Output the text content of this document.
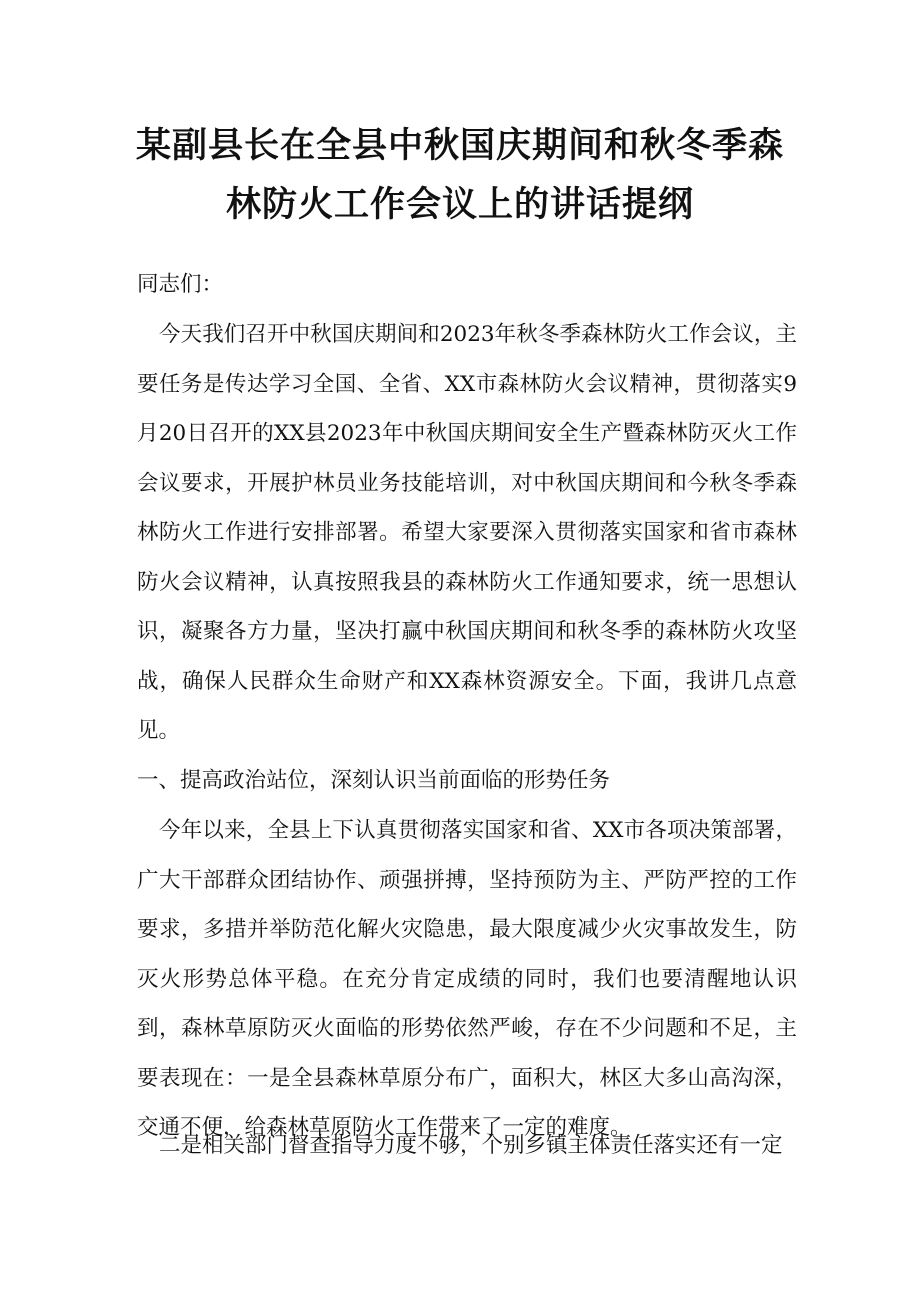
某副县长在全县中秋国庆期间和秋冬季森
林防火工作会议上的讲话提纲
同志们：
今天我们召开中秋国庆期间和2023年秋冬季森林防火工作会议，主要任务是传达学习全国、全省、XX市森林防火会议精神，贯彻落实9月20日召开的XX县2023年中秋国庆期间安全生产暨森林防灭火工作会议要求，开展护林员业务技能培训，对中秋国庆期间和今秋冬季森林防火工作进行安排部署。希望大家要深入贯彻落实国家和省市森林防火会议精神，认真按照我县的森林防火工作通知要求，统一思想认识，凝聚各方力量，坚决打赢中秋国庆期间和秋冬季的森林防火攻坚战，确保人民群众生命财产和XX森林资源安全。下面，我讲几点意见。
一、提高政治站位，深刻认识当前面临的形势任务
今年以来，全县上下认真贯彻落实国家和省、XX市各项决策部署，广大干部群众团结协作、顽强拼搏，坚持预防为主、严防严控的工作要求，多措并举防范化解火灾隐患，最大限度减少火灾事故发生，防灭火形势总体平稳。在充分肯定成绩的同时，我们也要清醒地认识到，森林草原防灭火面临的形势依然严峻，存在不少问题和不足，主要表现在：一是全县森林草原分布广，面积大，林区大多山高沟深，交通不便，给森林草原防火工作带来了一定的难度。
二是相关部门督查指导力度不够，个别乡镇主体责任落实还有一定
